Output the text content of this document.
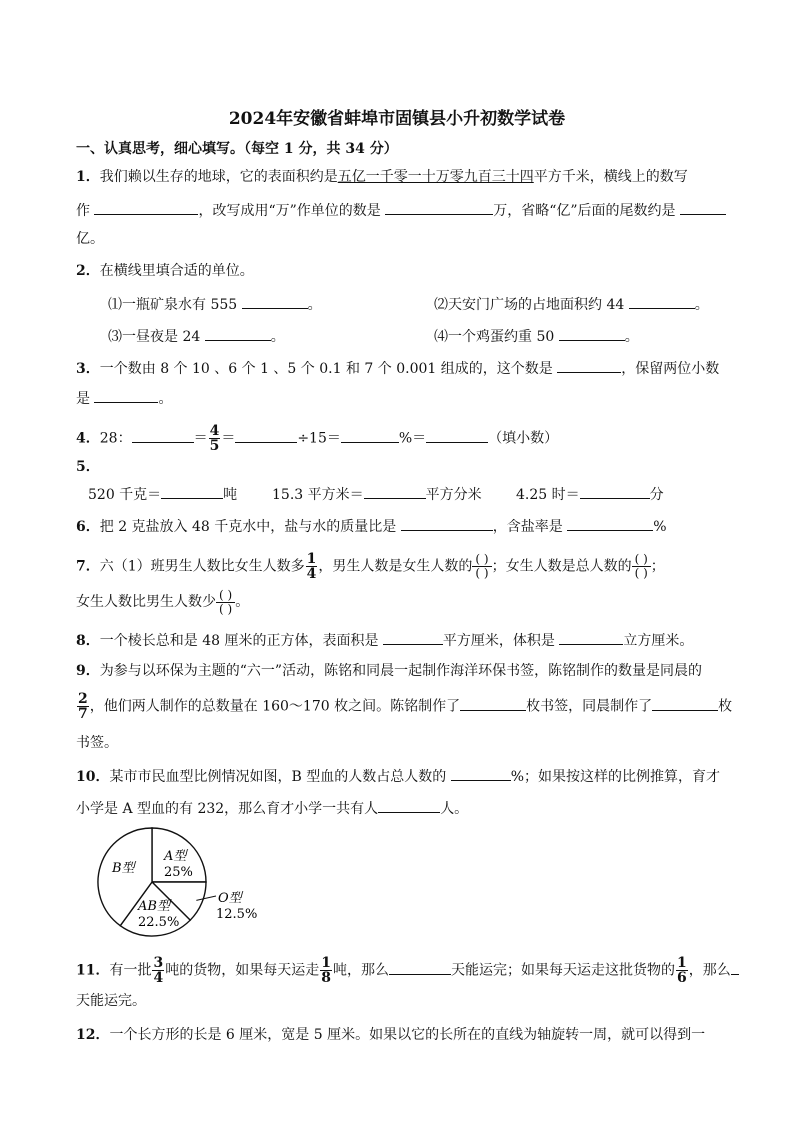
2024年安徽省蚌埠市固镇县小升初数学试卷
一、认真思考，细心填写。（每空 1 分，共 34 分）
1．我们赖以生存的地球，它的表面积约是五亿一千零一十万零九百三十四平方千米，横线上的数写
作	，改写成用“万”作单位的数是	万，省略“亿”后面的尾数约是
亿。
2．在横线里填合适的单位。
⑴一瓶矿泉水有 555	。	⑵天安门广场的占地面积约 44	。
⑶一昼夜是 24	。	⑷一个鸡蛋约重 50	。
3．一个数由 8 个 10 、6 个 1 、5 个 0.1 和 7 个 0.001 组成的，这个数是	，保留两位小数
是	。
4．28：	＝ $\frac{4}{5}$ ＝	÷15＝	%＝	（填小数）
5．
520 千克＝	吨 15.3 平方米＝	平方分米 4.25 时＝	分
6．把 2 克盐放入 48 千克水中，盐与水的质量比是	，含盐率是	%
7．六（1）班男生人数比女生人数多 $\frac{1}{4}$ ，男生人数是女生人数的 $\frac{( )}{( )}$ ；女生人数是总人数的 $\frac{( )}{( )}$ ；
女生人数比男生人数少 $\frac{( )}{( )}$ 。
8．一个棱长总和是 48 厘米的正方体，表面积是	平方厘米，体积是	立方厘米。
9．为参与以环保为主题的“六一”活动，陈铭和同晨一起制作海洋环保书签，陈铭制作的数量是同晨的
$\frac{2}{7}$ ，他们两人制作的总数量在 160～170 枚之间。陈铭制作了	枚书签，同晨制作了	枚
书签。
10．某市市民血型比例情况如图，B 型血的人数占总人数的	%；如果按这样的比例推算，育才
小学是 A 型血的有 232，那么育才小学一共有人	人。
A型
25%
O型
12.5%
AB型
22.5%
B型
11．有一批 $\frac{3}{4}$ 吨的货物，如果每天运走 $\frac{1}{8}$ 吨，那么	天能运完；如果每天运走这批货物的 $\frac{1}{6}$ ，那么
天能运完。
12．一个长方形的长是 6 厘米，宽是 5 厘米。如果以它的长所在的直线为轴旋转一周，就可以得到一
